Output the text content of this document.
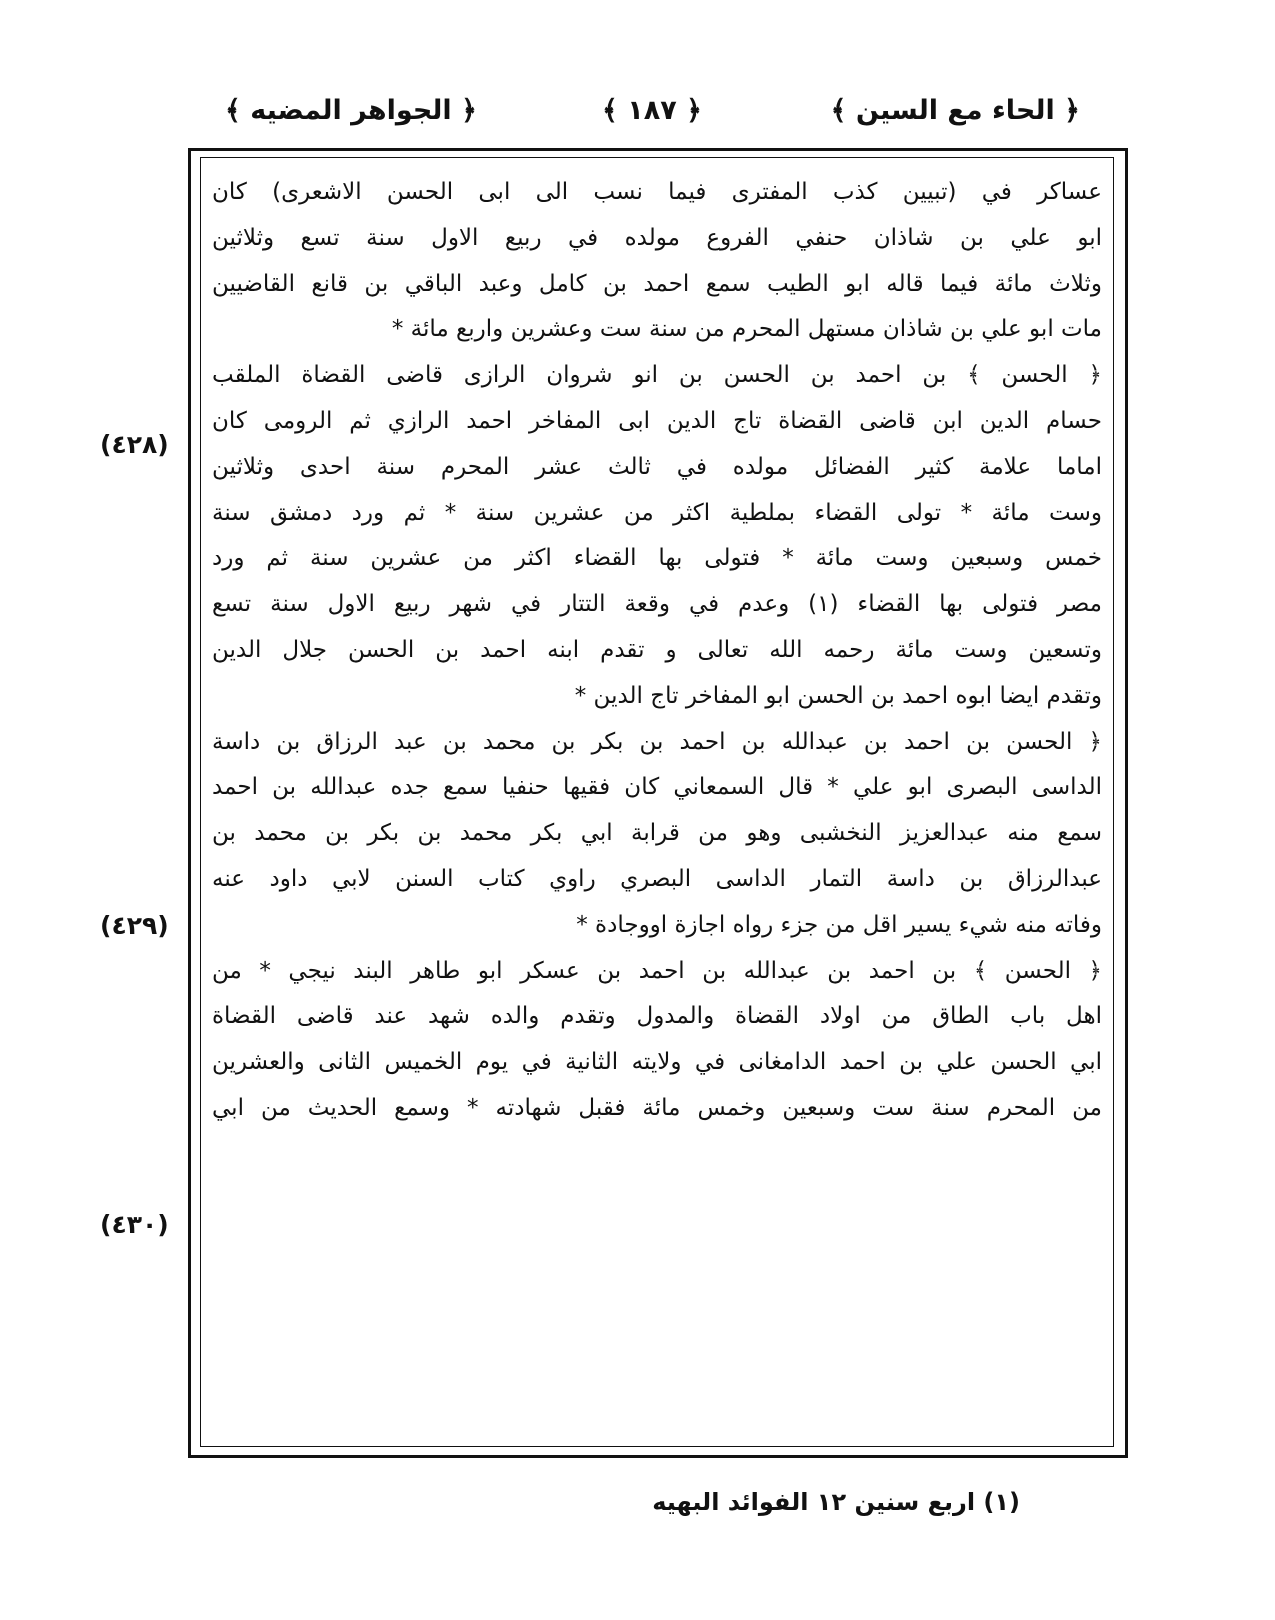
﴿ الحاء مع السين ﴾
﴿ ١٨٧ ﴾
﴿ الجواهر المضيه ﴾
(٤٢٨)
(٤٢٩)
(٤٣٠)
عساكر في (تبيين كذب المفترى فيما نسب الى ابى الحسن الاشعرى) كان
ابو علي بن شاذان حنفي الفروع مولده في ربيع الاول سنة تسع وثلاثين
وثلاث مائة فيما قاله ابو الطيب سمع احمد بن كامل وعبد الباقي بن قانع القاضيين
مات ابو علي بن شاذان مستهل المحرم من سنة ست وعشرين واربع مائة *
﴿ الحسن ﴾ بن احمد بن الحسن بن انو شروان الرازى قاضى القضاة الملقب
حسام الدين ابن قاضى القضاة تاج الدين ابى المفاخر احمد الرازي ثم الرومى كان
اماما علامة كثير الفضائل مولده في ثالث عشر المحرم سنة احدى وثلاثين
وست مائة * تولى القضاء بملطية اكثر من عشرين سنة * ثم ورد دمشق سنة
خمس وسبعين وست مائة * فتولى بها القضاء اكثر من عشرين سنة ثم ورد
مصر فتولى بها القضاء (١) وعدم في وقعة التتار في شهر ربيع الاول سنة تسع
وتسعين وست مائة رحمه الله تعالى و تقدم ابنه احمد بن الحسن جلال الدين
وتقدم ايضا ابوه احمد بن الحسن ابو المفاخر تاج الدين *
﴿ الحسن بن احمد بن عبدالله بن احمد بن بكر بن محمد بن عبد الرزاق بن داسة
الداسى البصرى ابو علي * قال السمعاني كان فقيها حنفيا سمع جده عبدالله بن احمد
سمع منه عبدالعزيز النخشبى وهو من قرابة ابي بكر محمد بن بكر بن محمد بن
عبدالرزاق بن داسة التمار الداسى البصري راوي كتاب السنن لابي داود عنه
وفاته منه شيء يسير اقل من جزء رواه اجازة اووجادة *
﴿ الحسن ﴾ بن احمد بن عبدالله بن احمد بن عسكر ابو طاهر البند نيجي * من
اهل باب الطاق من اولاد القضاة والمدول وتقدم والده شهد عند قاضى القضاة
ابي الحسن علي بن احمد الدامغانى في ولايته الثانية في يوم الخميس الثانى والعشرين
من المحرم سنة ست وسبعين وخمس مائة فقبل شهادته * وسمع الحديث من ابي
(١) اربع سنين ١٢ الفوائد البهيه
